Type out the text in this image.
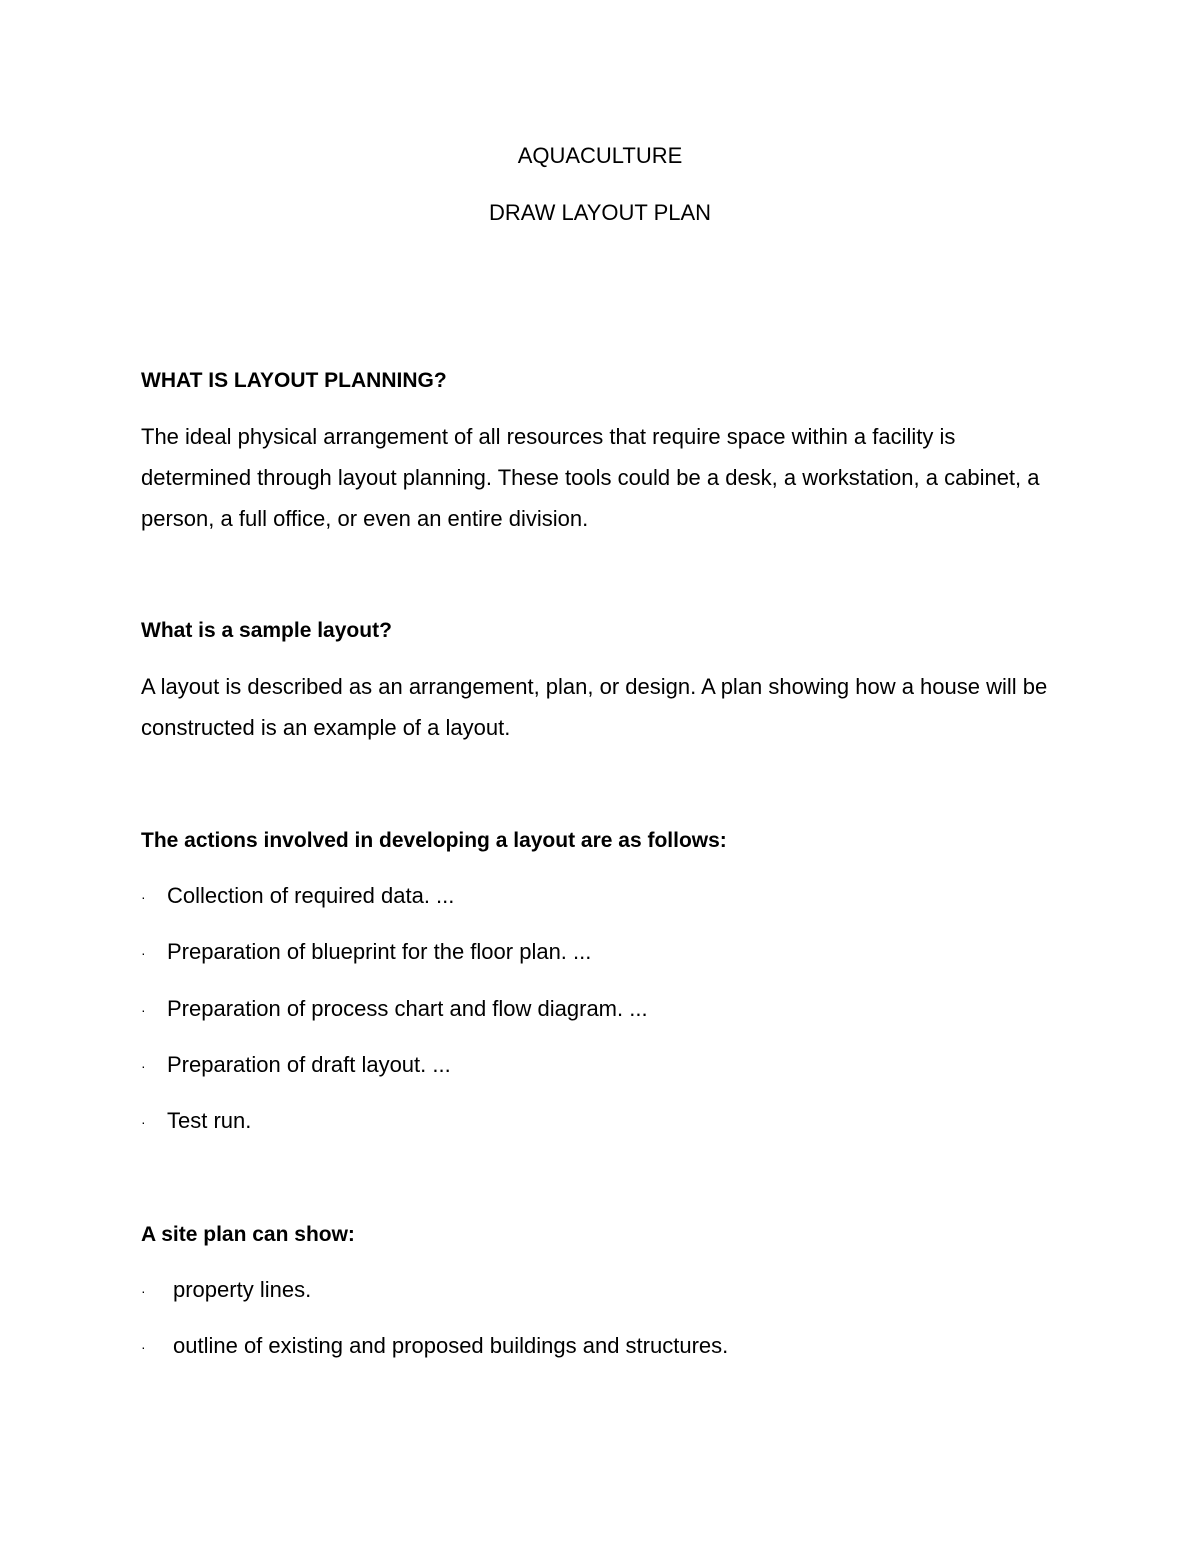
AQUACULTURE
DRAW LAYOUT PLAN
WHAT IS LAYOUT PLANNING?
The ideal physical arrangement of all resources that require space within a facility is determined through layout planning. These tools could be a desk, a workstation, a cabinet, a person, a full office, or even an entire division.
What is a sample layout?
A layout is described as an arrangement, plan, or design. A plan showing how a house will be constructed is an example of a layout.
The actions involved in developing a layout are as follows:
· Collection of required data. ...
· Preparation of blueprint for the floor plan. ...
· Preparation of process chart and flow diagram. ...
· Preparation of draft layout. ...
· Test run.
A site plan can show:
· property lines.
· outline of existing and proposed buildings and structures.
